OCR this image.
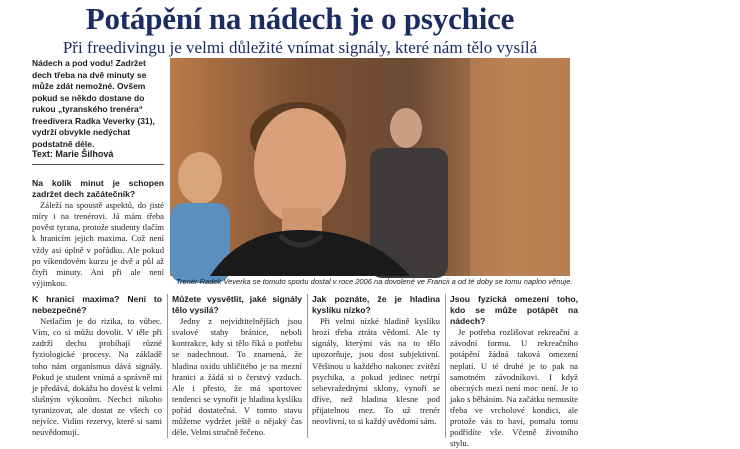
Potápění na nádech je o psychice
Při freedivingu je velmi důležité vnímat signály, které nám tělo vysílá
Nádech a pod vodu! Zadržet dech třeba na dvě minuty se může zdát nemožné. Ovšem pokud se někdo dostane do rukou „tyranského trenéra“ freedivera Radka Veverky (31), vydrží obvykle nedýchat podstatně déle.
Text: Marie Šilhová

Na kolik minut je schopen zadržet dech začátečník?

Záleží na spoustě aspektů, do jisté míry i na trenérovi. Já mám třeba pověst tyrana, protože studenty tlačím k hranicím jejich maxima. Což není vždy asi úplně v pořádku. Ale pokud po víkendovém kurzu je dvě a půl až čtyři minuty. Ani při ale není výjimkou.

Foto: Archiv Radka Veverky
Trenér Radek Veverka se tomuto sportu dostal v roce 2006 na dovolené ve Francii a od té doby se tomu naplno věnuje.

K hranici maxima? Není to nebezpečné?

Netlačím je do rizika, to vůbec. Vím, co si můžu dovolit. V těle při zadrží dechu probíhají různé fyziologické procesy. Na základě toho nám organismus dává signály. Pokud je student vnímá a správně mi je předává, dokážu ho dovést k velmi slušným výkonům. Nechci nikoho tyranizovat, ale dostat ze všech co nejvíce. Vidím rezervy, které si sami neuvědomují.

Můžete vysvětlit, jaké signály tělo vysílá?

Jedny z nejvídtitelnějších jsou svalové stahy bránice, neboli kontrakce, kdy si tělo říká o potřebu se nadechnout. To znamená, že hladina oxidu uhličitého je na mezní hranici a žádá si o čerstvý vzduch. Ale i přesto, že má sportovec tendenci se vynořit je hladina kyslíku pořád dostatečná. V tomto stavu můžeme vydržet ještě o nějaký čas déle. Velmi stručně řečeno.

Jak poznáte, že je hladina kyslíku nízko?

Při velmi nízké hladině kyslíku hrozí třeba ztráta vědomí. Ale ty signály, kterými vás na to tělo upozorňuje, jsou dost subjektivní. Většinou u každého nakonec zvítězí psychika, a pokud jedinec netrpí sebevražednými sklony, vynoří se dříve, než hladina klesne pod přijatelnou mez. To už trenér neovlivní, to si každý uvědomí sám.

Jsou fyzická omezení toho, kdo se může potápět na nádech?

Je potřeba rozlišovat rekreační a závodní formu. U rekreačního potápění žádná taková omezení neplatí. U té druhé je to pak na samotném závodníkovi. I když obecných mezí není moc není. Je to jako s běháním. Na začátku nemusíte třeba ve vrcholové kondici, ale protože vás to baví, pomalu tomu podřídíte vše. Včetně životního stylu.
